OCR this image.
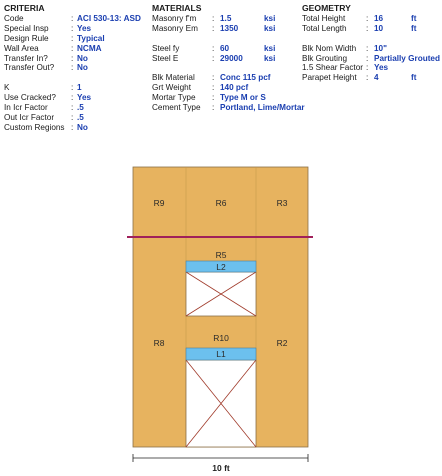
CRITERIA
Code	: ACI 530-13: ASD
Special Insp	: Yes
Design Rule	: Typical
Wall Area	: NCMA
Transfer In?	: No
Transfer Out? : No
K	: 1
Use Cracked? : Yes
In Icr Factor	: .5
Out Icr Factor : .5
Custom Regions : No
MATERIALS
Masonry f'm : 1.5	ksi
Masonry Em : 1350	ksi
Steel fy	: 60	ksi
Steel E	: 29000	ksi
Blk Material : Conc 115 pcf
Grt Weight	: 140 pcf
Mortar Type : Type M or S
Cement Type : Portland, Lime/Mortar
GEOMETRY
Total Height	: 16	ft
Total Length : 10	ft
Blk Nom Width : 10"
Blk Grouting : Partially Grouted
1.5 Shear Factor : Yes
Parapet Height : 4	ft
R9	R6	R3
R5
R10
R8	R2
L2
L1
10 ft
